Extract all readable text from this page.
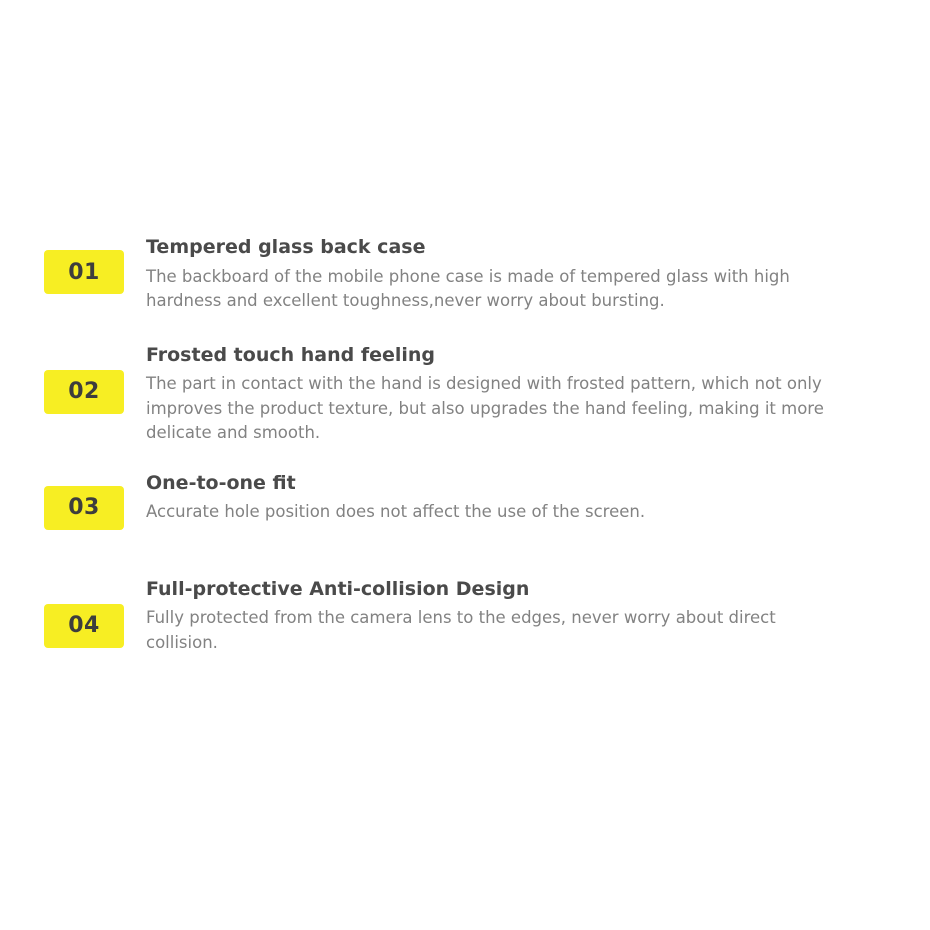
01

Tempered glass back case

The backboard of the mobile phone case is made of tempered glass with high hardness and excellent toughness,never worry about bursting.

02

Frosted touch hand feeling

The part in contact with the hand is designed with frosted pattern, which not only improves the product texture, but also upgrades the hand feeling, making it more delicate and smooth.

03

One-to-one fit

Accurate hole position does not affect the use of the screen.

04

Full-protective Anti-collision Design

Fully protected from the camera lens to the edges, never worry about direct collision.
